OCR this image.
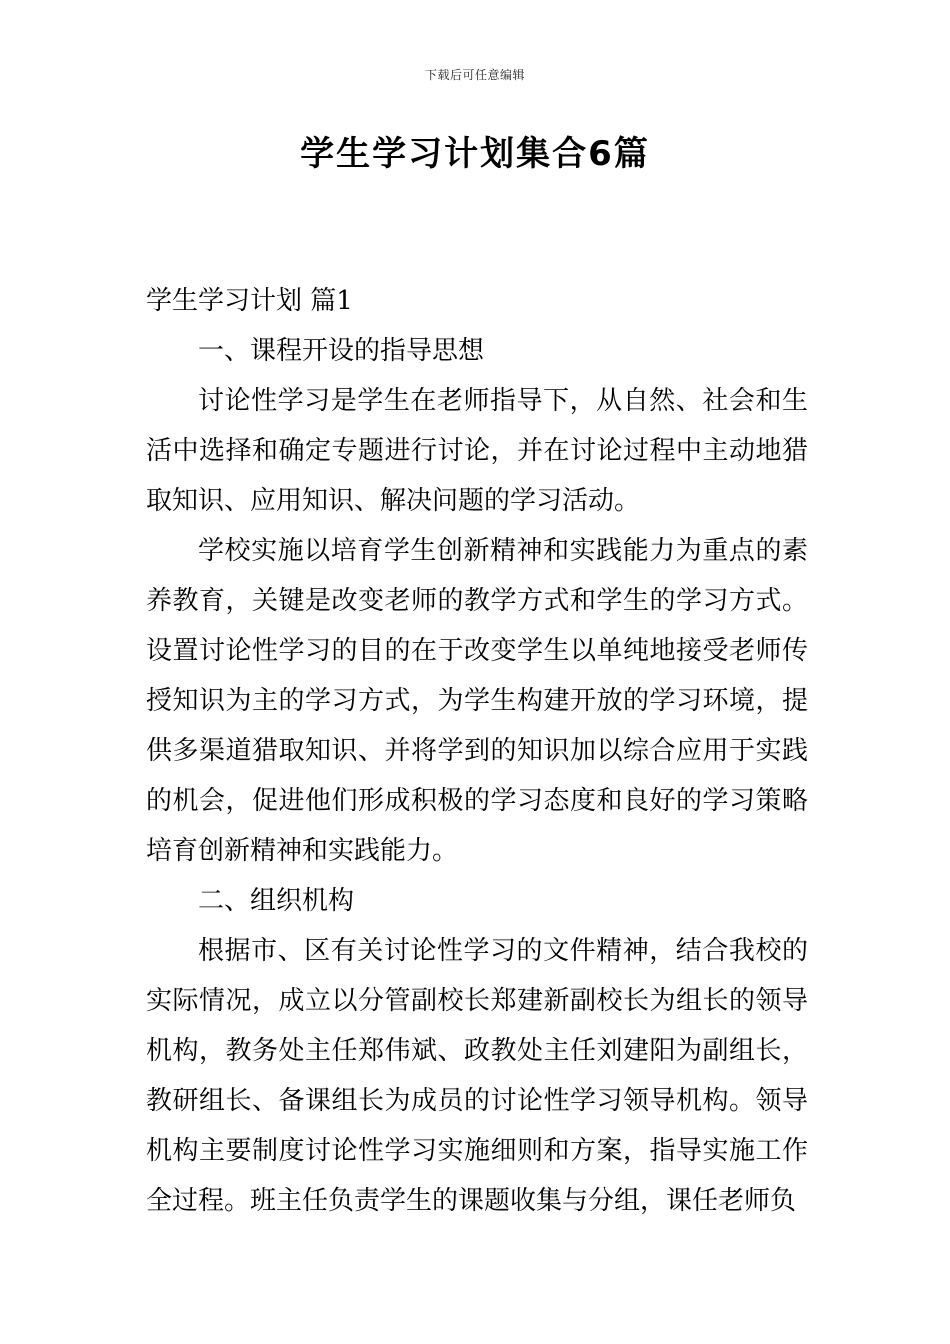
下载后可任意编辑
学生学习计划集合6篇

学生学习计划 篇1

一、课程开设的指导思想

讨论性学习是学生在老师指导下，从自然、社会和生活中选择和确定专题进行讨论，并在讨论过程中主动地猎取知识、应用知识、解决问题的学习活动。

学校实施以培育学生创新精神和实践能力为重点的素养教育，关键是改变老师的教学方式和学生的学习方式。设置讨论性学习的目的在于改变学生以单纯地接受老师传授知识为主的学习方式，为学生构建开放的学习环境，提供多渠道猎取知识、并将学到的知识加以综合应用于实践的机会，促进他们形成积极的学习态度和良好的学习策略培育创新精神和实践能力。

二、组织机构

根据市、区有关讨论性学习的文件精神，结合我校的实际情况，成立以分管副校长郑建新副校长为组长的领导机构，教务处主任郑伟斌、政教处主任刘建阳为副组长，教研组长、备课组长为成员的讨论性学习领导机构。领导机构主要制度讨论性学习实施细则和方案，指导实施工作全过程。班主任负责学生的课题收集与分组，课任老师负
